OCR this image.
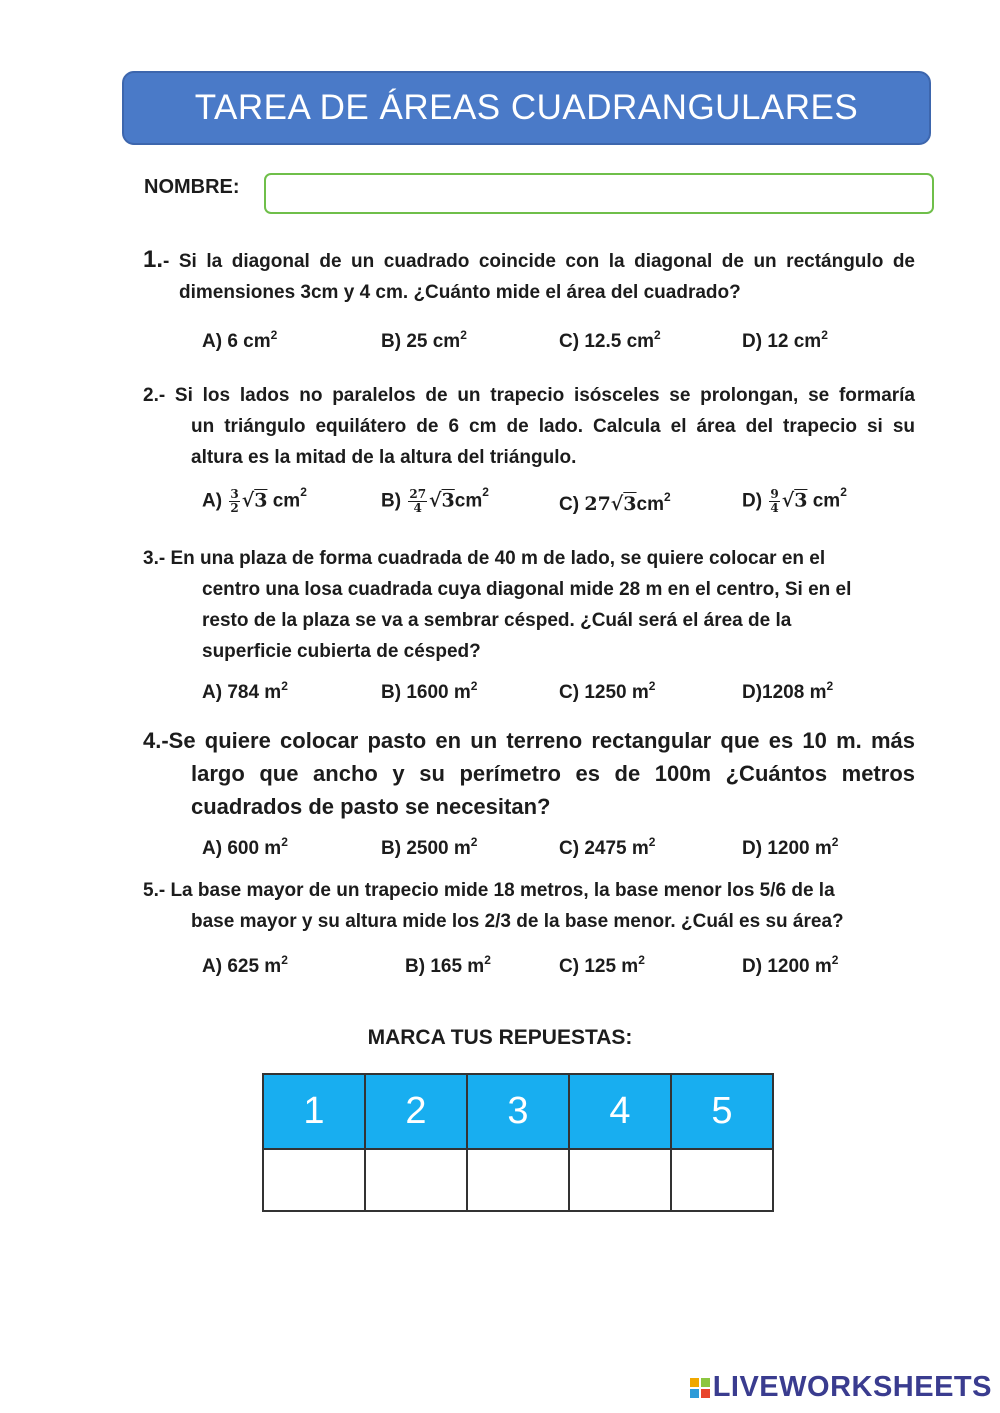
TAREA DE ÁREAS CUADRANGULARES
NOMBRE:
1.- Si la diagonal de un cuadrado coincide con la diagonal de un rectángulo de
dimensiones 3cm y 4 cm. ¿Cuánto mide el área del cuadrado?
A) 6 $cm^2$	B) 25 $cm^2$	C) 12.5 $cm^2$	D) 12 $cm^2$
2.- Si los lados no paralelos de un trapecio isósceles se prolongan, se formaría
un triángulo equilátero de 6 cm de lado. Calcula el área del trapecio si su
altura es la mitad de la altura del triángulo.
$A) \frac{3}{2} √3$ $cm^2$	$B) \frac{27}{4} √3cm^2$
C) $27√3cm^2$	$D) \frac{9}{4} √3$ $cm^2$
3.- En una plaza de forma cuadrada de 40 m de lado, se quiere colocar en el
centro una losa cuadrada cuya diagonal mide 28 m en el centro, Si en el
resto de la plaza se va a sembrar césped. ¿Cuál será el área de la
superficie cubierta de césped?
A) 784 $m^2$	B) 1600 $m^2$	C) 1250 $m^2$	D)1208 $m^2$
4.-Se quiere colocar pasto en un terreno rectangular que es 10 m. más
largo que ancho y su perímetro es de 100m ¿Cuántos metros
cuadrados de pasto se necesitan?
A) 600 $m^2$	B) 2500 $m^2$	C) 2475 $m^2$	D) 1200 $m^2$
5.- La base mayor de un trapecio mide 18 metros, la base menor los 5/6 de la
base mayor y su altura mide los 2/3 de la base menor. ¿Cuál es su área?
A) 625 $m^2$	B) 165 $m^2$	C) 125 $m^2$	D) 1200 $m^2$
MARCA TUS REPUESTAS:
1	2	3	4	5

LIVEWORKSHEETS
